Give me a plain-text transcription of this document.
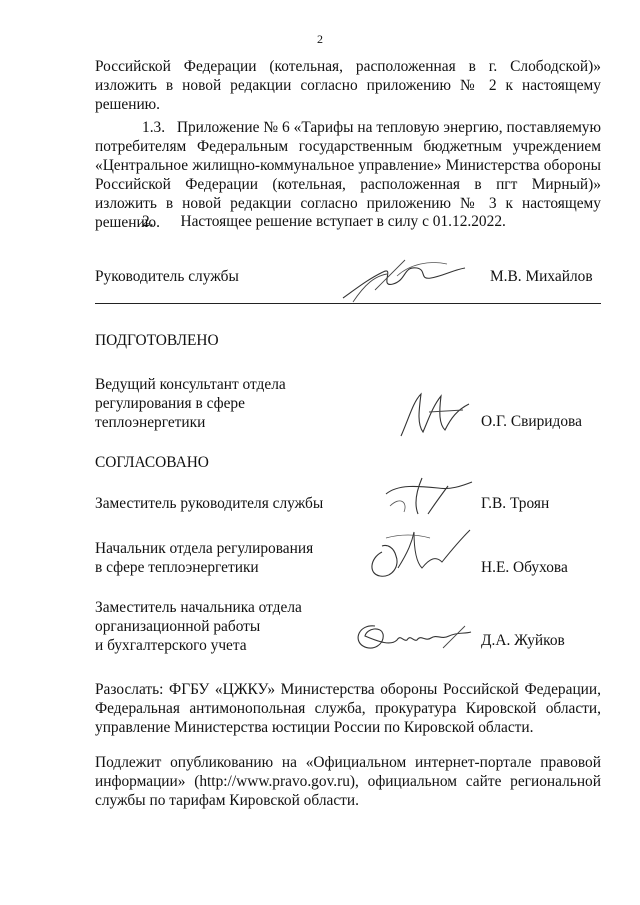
2

Российской Федерации (котельная, расположенная в г. Слободской)» изложить в новой редакции согласно приложению № 2 к настоящему решению.

1.3.   Приложение № 6 «Тарифы на тепловую энергию, поставляемую потребителям Федеральным государственным бюджетным учреждением «Центральное жилищно-коммунальное управление» Министерства обороны Российской Федерации (котельная, расположенная в пгт Мирный)» изложить в новой редакции согласно приложению № 3 к настоящему решению.

2.       Настоящее решение вступает в силу с 01.12.2022.

Руководитель службы	М.В. Михайлов
ПОДГОТОВЛЕНО
Ведущий консультант отдела
регулирования в сфере
теплоэнергетики	О.Г. Свиридова
СОГЛАСОВАНО
Заместитель руководителя службы	Г.В. Троян
Начальник отдела регулирования
в сфере теплоэнергетики	Н.Е. Обухова
Заместитель начальника отдела
организационной работы
и бухгалтерского учета	Д.А. Жуйков

Разослать: ФГБУ «ЦЖКУ» Министерства обороны Российской Федерации, Федеральная антимонопольная служба, прокуратура Кировской области, управление Министерства юстиции России по Кировской области.

Подлежит опубликованию на «Официальном интернет-портале правовой информации» (http://www.pravo.gov.ru), официальном сайте региональной службы по тарифам Кировской области.
